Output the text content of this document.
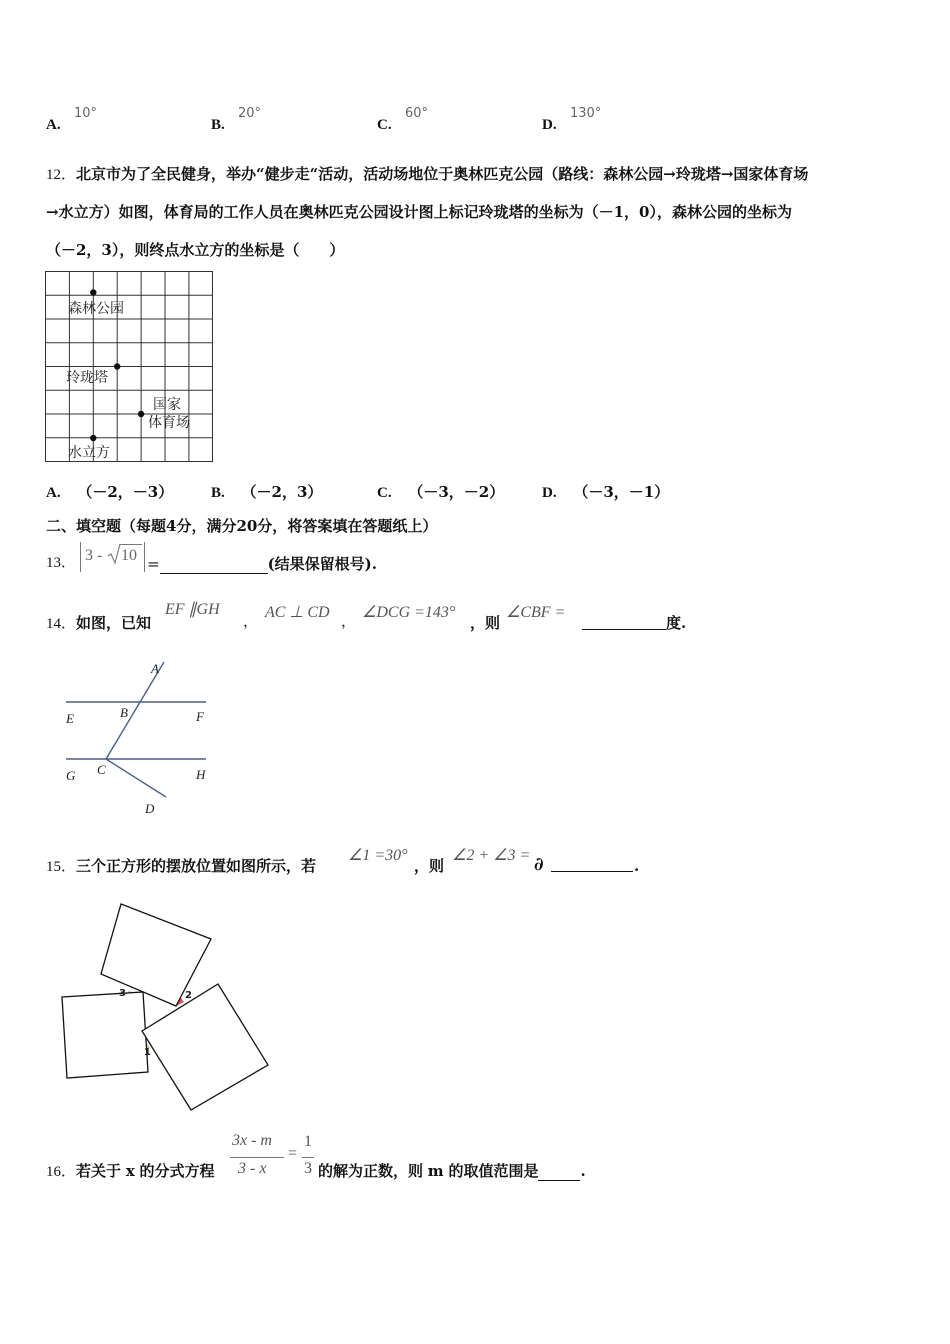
A.
10°
B.
20°
C.
60°
D.
130°
12．北京市为了全民健身，举办“健步走“活动，活动场地位于奥林匹克公园（路线：森林公园→玲珑塔→国家体育场
→水立方）如图，体育局的工作人员在奥林匹克公园设计图上标记玲珑塔的坐标为（－1，0），森林公园的坐标为
（－2，3），则终点水立方的坐标是（　　）
森林公园
玲珑塔
国家
体育场
水立方
A. （－2，－3）	B. （－2，3）	C. （－3，－2）	D. （－3，－1）
二、填空题（每题4分，满分20分，将答案填在答题纸上）
13． 3 - 10 =	(结果保留根号).
14．如图，已知
EF ∥GH
， AC ⊥ CD ， ∠DCG =143°
，则
∠CBF =
度.
A
B
C
D
E	F
G	H
15．三个正方形的摆放位置如图所示，若
∠1 =30°
，则
∠2 + ∠3 = ∂	.
3	2
1
16．若关于 x 的分式方程
3x - m
3 - x
=
1
3 的解为正数，则 m 的取值范围是	.
